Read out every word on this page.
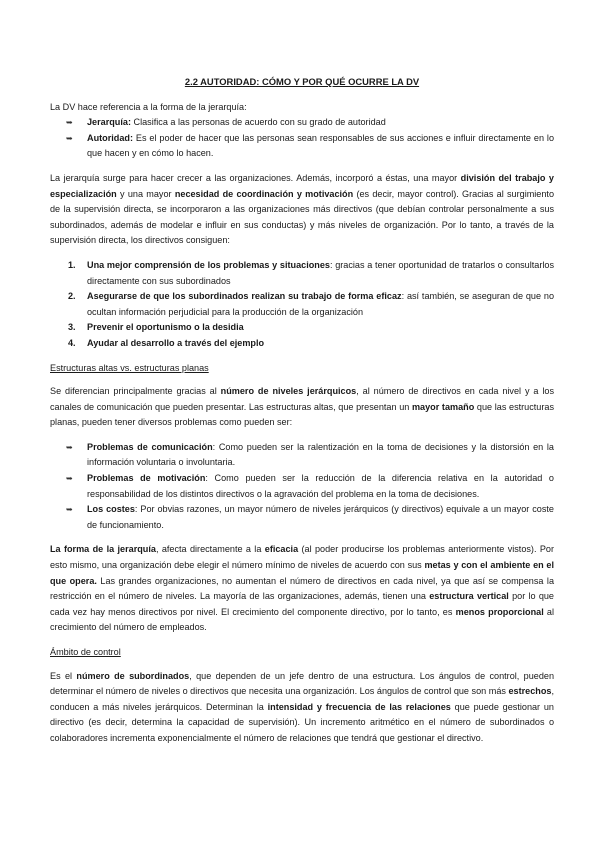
2.2 AUTORIDAD: CÓMO Y POR QUÉ OCURRE LA DV

La DV hace referencia a la forma de la jerarquía:

➥ Jerarquía: Clasifica a las personas de acuerdo con su grado de autoridad
➥ Autoridad: Es el poder de hacer que las personas sean responsables de sus acciones e influir directamente en lo que hacen y en cómo lo hacen.

La jerarquía surge para hacer crecer a las organizaciones. Además, incorporó a éstas, una mayor división del trabajo y especialización y una mayor necesidad de coordinación y motivación (es decir, mayor control). Gracias al surgimiento de la supervisión directa, se incorporaron a las organizaciones más directivos (que debían controlar personalmente a sus subordinados, además de modelar e influir en sus conductas) y más niveles de organización. Por lo tanto, a través de la supervisión directa, los directivos consiguen:

1. Una mejor comprensión de los problemas y situaciones: gracias a tener oportunidad de tratarlos o consultarlos directamente con sus subordinados
2. Asegurarse de que los subordinados realizan su trabajo de forma eficaz: así también, se aseguran de que no ocultan información perjudicial para la producción de la organización
3. Prevenir el oportunismo o la desidia
4. Ayudar al desarrollo a través del ejemplo

Estructuras altas vs. estructuras planas

Se diferencian principalmente gracias al número de niveles jerárquicos, al número de directivos en cada nivel y a los canales de comunicación que pueden presentar. Las estructuras altas, que presentan un mayor tamaño que las estructuras planas, pueden tener diversos problemas como pueden ser:

➥ Problemas de comunicación: Como pueden ser la ralentización en la toma de decisiones y la distorsión en la información voluntaria o involuntaria.
➥ Problemas de motivación: Como pueden ser la reducción de la diferencia relativa en la autoridad o responsabilidad de los distintos directivos o la agravación del problema en la toma de decisiones.
➥ Los costes: Por obvias razones, un mayor número de niveles jerárquicos (y directivos) equivale a un mayor coste de funcionamiento.

La forma de la jerarquía, afecta directamente a la eficacia (al poder producirse los problemas anteriormente vistos). Por esto mismo, una organización debe elegir el número mínimo de niveles de acuerdo con sus metas y con el ambiente en el que opera. Las grandes organizaciones, no aumentan el número de directivos en cada nivel, ya que así se compensa la restricción en el número de niveles. La mayoría de las organizaciones, además, tienen una estructura vertical por lo que cada vez hay menos directivos por nivel. El crecimiento del componente directivo, por lo tanto, es menos proporcional al crecimiento del número de empleados.

Ámbito de control

Es el número de subordinados, que dependen de un jefe dentro de una estructura. Los ángulos de control, pueden determinar el número de niveles o directivos que necesita una organización. Los ángulos de control que son más estrechos, conducen a más niveles jerárquicos. Determinan la intensidad y frecuencia de las relaciones que puede gestionar un directivo (es decir, determina la capacidad de supervisión). Un incremento aritmético en el número de subordinados o colaboradores incrementa exponencialmente el número de relaciones que tendrá que gestionar el directivo.
